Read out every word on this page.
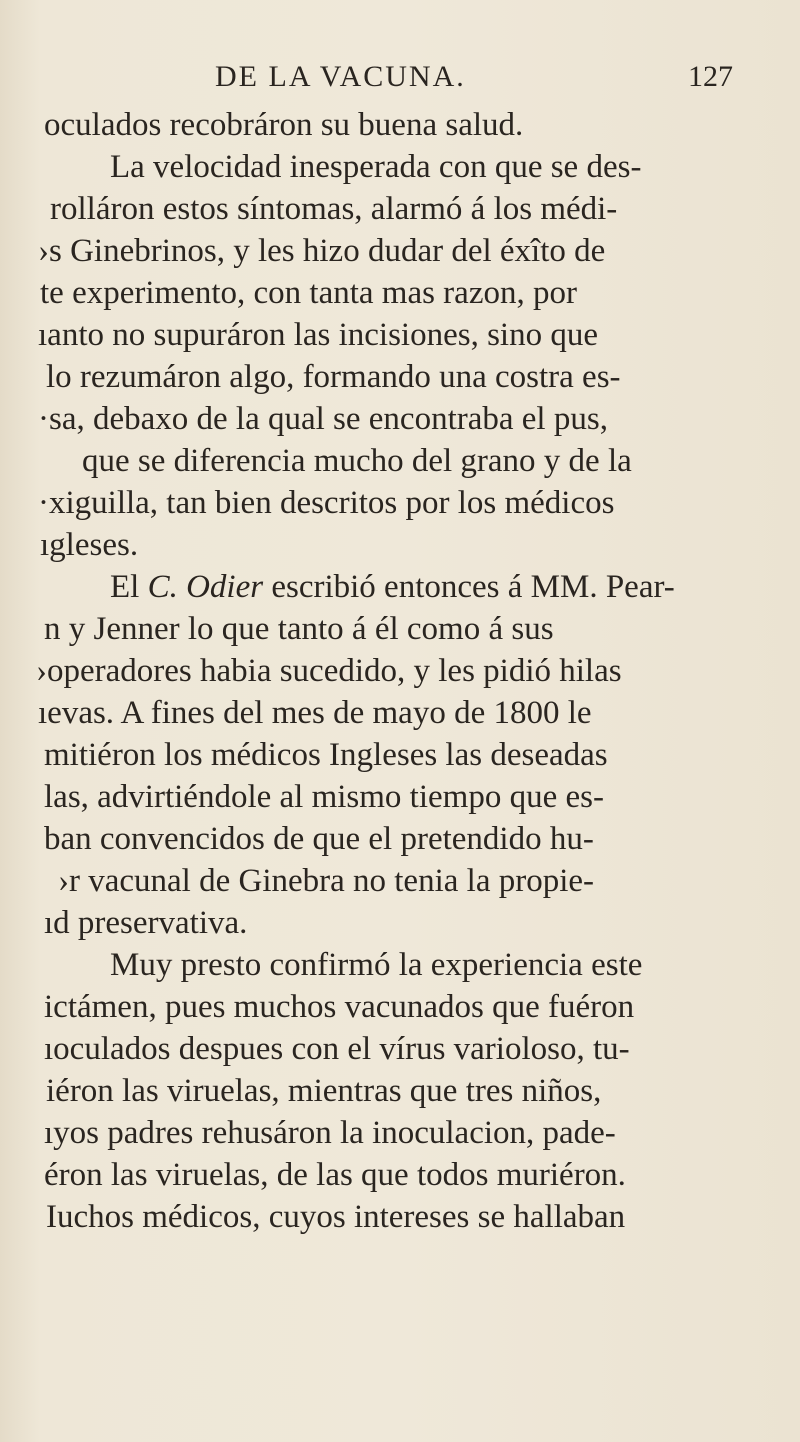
DE LA VACUNA.	127
oculados recobráron su buena salud.
La velocidad inesperada con que se des-
rolláron estos síntomas, alarmó á los médi-
›s Ginebrinos, y les hizo dudar del éxîto de
te experimento, con tanta mas razon, por
ıanto no supuráron las incisiones, sino que
lo rezumáron algo, formando una costra es-
·sa, debaxo de la qual se encontraba el pus,
que se diferencia mucho del grano y de la
·xiguilla, tan bien descritos por los médicos
ıgleses.
El C. Odier escribió entonces á MM. Pear-
n y Jenner lo que tanto á él como á sus
›operadores habia sucedido, y les pidió hilas
ıevas. A fines del mes de mayo de 1800 le
mitiéron los médicos Ingleses las deseadas
las, advirtiéndole al mismo tiempo que es-
ban convencidos de que el pretendido hu-
›r vacunal de Ginebra no tenia la propie-
ıd preservativa.
Muy presto confirmó la experiencia este
ictámen, pues muchos vacunados que fuéron
ıoculados despues con el vírus varioloso, tu-
iéron las viruelas, mientras que tres niños,
ıyos padres rehusáron la inoculacion, pade-
éron las viruelas, de las que todos muriéron.
Iuchos médicos, cuyos intereses se hallaban
